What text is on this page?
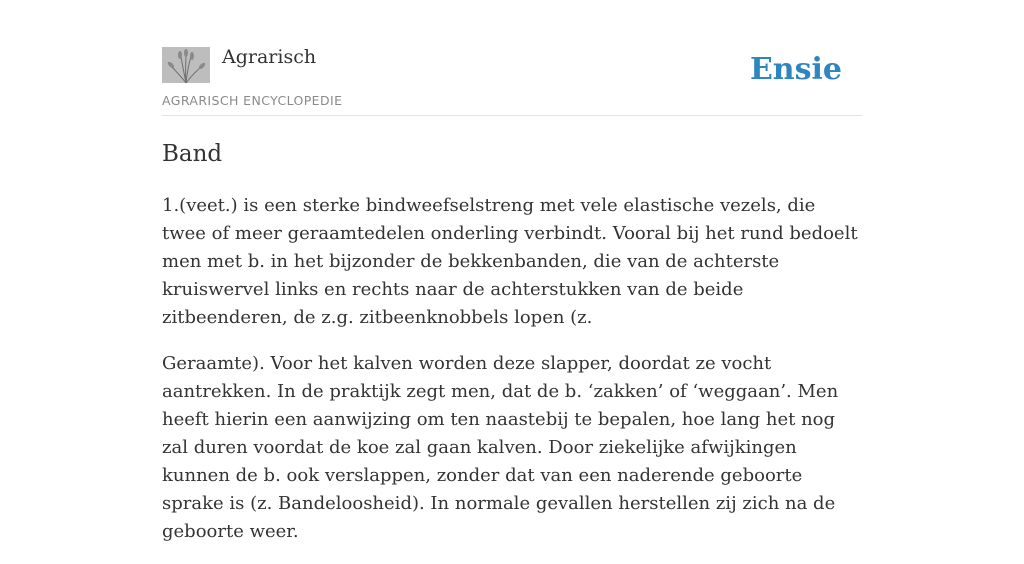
Agrarisch
AGRARISCH ENCYCLOPEDIE
Ensie
Band

1.(veet.) is een sterke bindweefselstreng met vele elastische vezels, die twee of meer geraamtedelen onderling verbindt. Vooral bij het rund bedoelt men met b. in het bijzonder de bekkenbanden, die van de achterste kruiswervel links en rechts naar de achterstukken van de beide zitbeenderen, de z.g. zitbeenknobbels lopen (z.

Geraamte). Voor het kalven worden deze slapper, doordat ze vocht aantrekken. In de praktijk zegt men, dat de b. ‘zakken’ of ‘weggaan’. Men heeft hierin een aanwijzing om ten naastebij te bepalen, hoe lang het nog zal duren voordat de koe zal gaan kalven. Door ziekelijke afwijkingen kunnen de b. ook verslappen, zonder dat van een naderende geboorte sprake is (z. Bandeloosheid). In normale gevallen herstellen zij zich na de geboorte weer.
